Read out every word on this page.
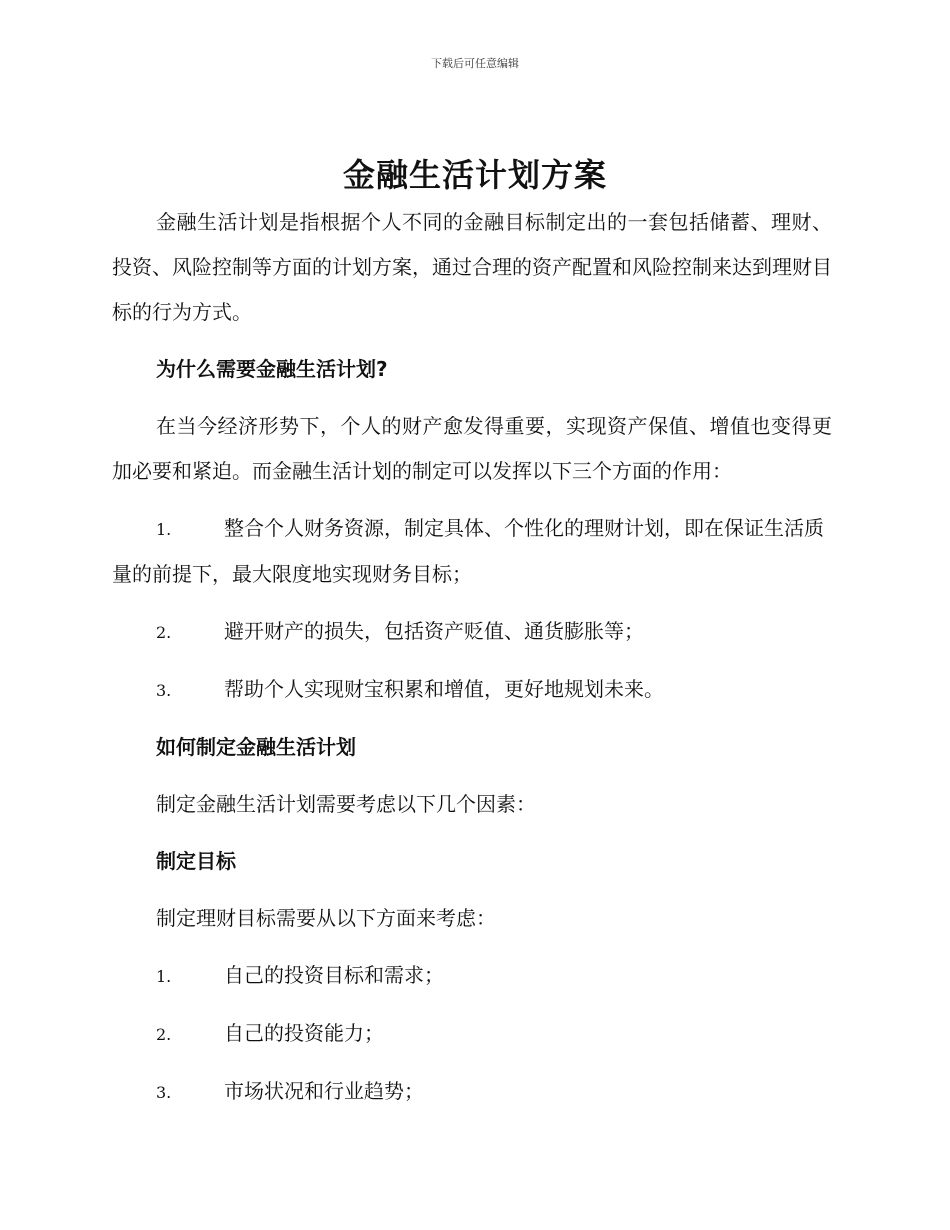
下载后可任意编辑
金融生活计划方案

金融生活计划是指根据个人不同的金融目标制定出的一套包括储蓄、理财、投资、风险控制等方面的计划方案，通过合理的资产配置和风险控制来达到理财目标的行为方式。

为什么需要金融生活计划?

在当今经济形势下，个人的财产愈发得重要，实现资产保值、增值也变得更加必要和紧迫。而金融生活计划的制定可以发挥以下三个方面的作用：

1.	整合个人财务资源，制定具体、个性化的理财计划，即在保证生活质量的前提下，最大限度地实现财务目标；

2.	避开财产的损失，包括资产贬值、通货膨胀等；

3.	帮助个人实现财宝积累和增值，更好地规划未来。

如何制定金融生活计划

制定金融生活计划需要考虑以下几个因素：

制定目标

制定理财目标需要从以下方面来考虑：

1.	自己的投资目标和需求；

2.	自己的投资能力；

3.	市场状况和行业趋势；
